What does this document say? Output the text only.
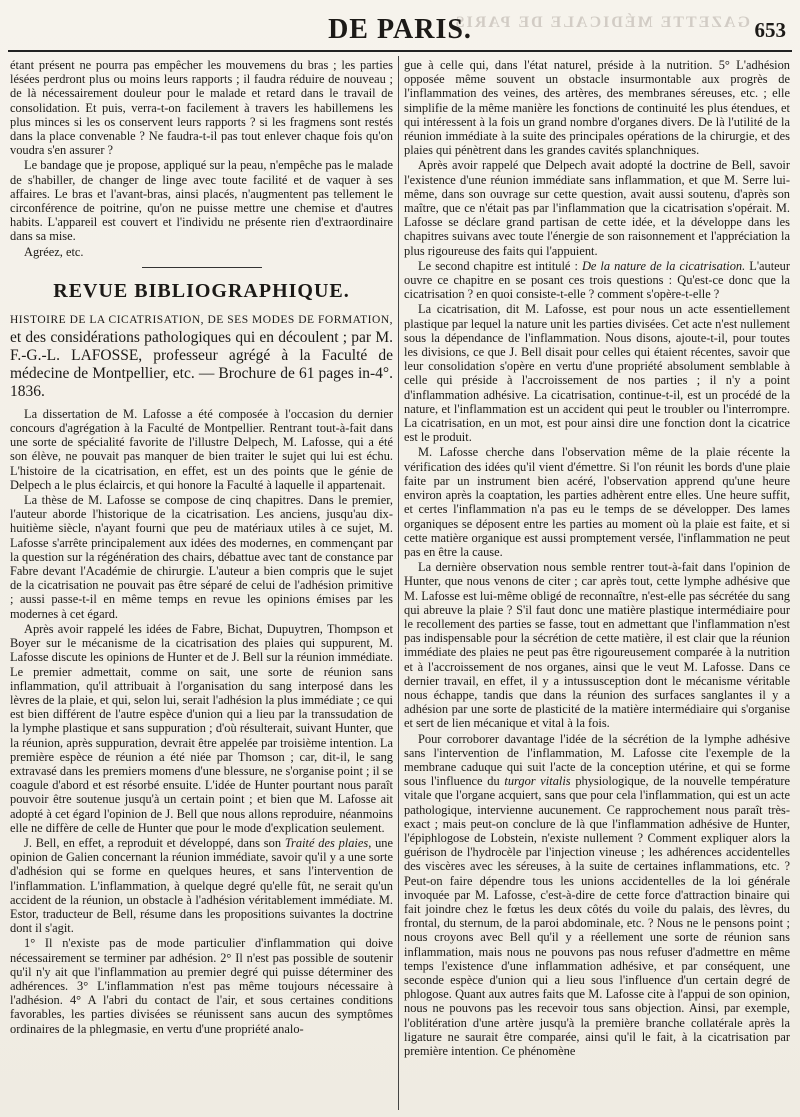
GAZETTE MÉDICALE DE PARIS.
DE PARIS.	653

étant présent ne pourra pas empêcher les mouvemens du bras ; les parties lésées perdront plus ou moins leurs rapports ; il faudra réduire de nouveau ; de là nécessairement douleur pour le malade et retard dans le travail de consolidation. Et puis, verra-t-on facilement à travers les habillemens les plus minces si les os conservent leurs rapports ? si les fragmens sont restés dans la place convenable ? Ne faudra-t-il pas tout enlever chaque fois qu'on voudra s'en assurer ?

Le bandage que je propose, appliqué sur la peau, n'empêche pas le malade de s'habiller, de changer de linge avec toute facilité et de vaquer à ses affaires. Le bras et l'avant-bras, ainsi placés, n'augmentent pas tellement le circonférence de poitrine, qu'on ne puisse mettre une chemise et d'autres habits. L'appareil est couvert et l'individu ne présente rien d'extraordinaire dans sa mise.

Agréez, etc.

REVUE BIBLIOGRAPHIQUE.
HISTOIRE DE LA CICATRISATION, DE SES MODES DE FORMATION, et des considérations pathologiques qui en découlent ; par M. F.-G.-L. LAFOSSE, professeur agrégé à la Faculté de médecine de Montpellier, etc. — Brochure de 61 pages in-4°. 1836.

La dissertation de M. Lafosse a été composée à l'occasion du dernier concours d'agrégation à la Faculté de Montpellier. Rentrant tout-à-fait dans une sorte de spécialité favorite de l'illustre Delpech, M. Lafosse, qui a été son élève, ne pouvait pas manquer de bien traiter le sujet qui lui est échu. L'histoire de la cicatrisation, en effet, est un des points que le génie de Delpech a le plus éclaircis, et qui honore la Faculté à laquelle il appartenait.

La thèse de M. Lafosse se compose de cinq chapitres. Dans le premier, l'auteur aborde l'historique de la cicatrisation. Les anciens, jusqu'au dix-huitième siècle, n'ayant fourni que peu de matériaux utiles à ce sujet, M. Lafosse s'arrête principalement aux idées des modernes, en commençant par la question sur la régénération des chairs, débattue avec tant de constance par Fabre devant l'Académie de chirurgie. L'auteur a bien compris que le sujet de la cicatrisation ne pouvait pas être séparé de celui de l'adhésion primitive ; aussi passe-t-il en même temps en revue les opinions émises par les modernes à cet égard.

Après avoir rappelé les idées de Fabre, Bichat, Dupuytren, Thompson et Boyer sur le mécanisme de la cicatrisation des plaies qui suppurent, M. Lafosse discute les opinions de Hunter et de J. Bell sur la réunion immédiate. Le premier admettait, comme on sait, une sorte de réunion sans inflammation, qu'il attribuait à l'organisation du sang interposé dans les lèvres de la plaie, et qui, selon lui, serait l'adhésion la plus immédiate ; ce qui est bien différent de l'autre espèce d'union qui a lieu par la transsudation de la lymphe plastique et sans suppuration ; d'où résulterait, suivant Hunter, que la réunion, après suppuration, devrait être appelée par troisième intention. La première espèce de réunion a été niée par Thomson ; car, dit-il, le sang extravasé dans les premiers momens d'une blessure, ne s'organise point ; il se coagule d'abord et est résorbé ensuite. L'idée de Hunter pourtant nous paraît pouvoir être soutenue jusqu'à un certain point ; et bien que M. Lafosse ait adopté à cet égard l'opinion de J. Bell que nous allons reproduire, néanmoins elle ne diffère de celle de Hunter que pour le mode d'explication seulement.

J. Bell, en effet, a reproduit et développé, dans son Traité des plaies, une opinion de Galien concernant la réunion immédiate, savoir qu'il y a une sorte d'adhésion qui se forme en quelques heures, et sans l'intervention de l'inflammation. L'inflammation, à quelque degré qu'elle fût, ne serait qu'un accident de la réunion, un obstacle à l'adhésion véritablement immédiate. M. Estor, traducteur de Bell, résume dans les propositions suivantes la doctrine dont il s'agit.

1° Il n'existe pas de mode particulier d'inflammation qui doive nécessairement se terminer par adhésion. 2° Il n'est pas possible de soutenir qu'il n'y ait que l'inflammation au premier degré qui puisse déterminer des adhérences. 3° L'inflammation n'est pas même toujours nécessaire à l'adhésion. 4° A l'abri du contact de l'air, et sous certaines conditions favorables, les parties divisées se réunissent sans aucun des symptômes ordinaires de la phlegmasie, en vertu d'une propriété analo-

gue à celle qui, dans l'état naturel, préside à la nutrition. 5° L'adhésion opposée même souvent un obstacle insurmontable aux progrès de l'inflammation des veines, des artères, des membranes séreuses, etc. ; elle simplifie de la même manière les fonctions de continuité les plus étendues, et qui intéressent à la fois un grand nombre d'organes divers. De là l'utilité de la réunion immédiate à la suite des principales opérations de la chirurgie, et des plaies qui pénètrent dans les grandes cavités splanchniques.

Après avoir rappelé que Delpech avait adopté la doctrine de Bell, savoir l'existence d'une réunion immédiate sans inflammation, et que M. Serre lui-même, dans son ouvrage sur cette question, avait aussi soutenu, d'après son maître, que ce n'était pas par l'inflammation que la cicatrisation s'opérait. M. Lafosse se déclare grand partisan de cette idée, et la développe dans les chapitres suivans avec toute l'énergie de son raisonnement et l'appréciation la plus rigoureuse des faits qui l'appuient.

Le second chapitre est intitulé : De la nature de la cicatrisation. L'auteur ouvre ce chapitre en se posant ces trois questions : Qu'est-ce donc que la cicatrisation ? en quoi consiste-t-elle ? comment s'opère-t-elle ?

La cicatrisation, dit M. Lafosse, est pour nous un acte essentiellement plastique par lequel la nature unit les parties divisées. Cet acte n'est nullement sous la dépendance de l'inflammation. Nous disons, ajoute-t-il, pour toutes les divisions, ce que J. Bell disait pour celles qui étaient récentes, savoir que leur consolidation s'opère en vertu d'une propriété absolument semblable à celle qui préside à l'accroissement de nos parties ; il n'y a point d'inflammation adhésive. La cicatrisation, continue-t-il, est un procédé de la nature, et l'inflammation est un accident qui peut le troubler ou l'interrompre. La cicatrisation, en un mot, est pour ainsi dire une fonction dont la cicatrice est le produit.

M. Lafosse cherche dans l'observation même de la plaie récente la vérification des idées qu'il vient d'émettre. Si l'on réunit les bords d'une plaie faite par un instrument bien acéré, l'observation apprend qu'une heure environ après la coaptation, les parties adhèrent entre elles. Une heure suffit, et certes l'inflammation n'a pas eu le temps de se développer. Des lames organiques se déposent entre les parties au moment où la plaie est faite, et si cette matière organique est aussi promptement versée, l'inflammation ne peut pas en être la cause.

La dernière observation nous semble rentrer tout-à-fait dans l'opinion de Hunter, que nous venons de citer ; car après tout, cette lymphe adhésive que M. Lafosse est lui-même obligé de reconnaître, n'est-elle pas sécrétée du sang qui abreuve la plaie ? S'il faut donc une matière plastique intermédiaire pour le recollement des parties se fasse, tout en admettant que l'inflammation n'est pas indispensable pour la sécrétion de cette matière, il est clair que la réunion immédiate des plaies ne peut pas être rigoureusement comparée à la nutrition et à l'accroissement de nos organes, ainsi que le veut M. Lafosse. Dans ce dernier travail, en effet, il y a intussusception dont le mécanisme véritable nous échappe, tandis que dans la réunion des surfaces sanglantes il y a adhésion par une sorte de plasticité de la matière intermédiaire qui s'organise et sert de lien mécanique et vital à la fois.

Pour corroborer davantage l'idée de la sécrétion de la lymphe adhésive sans l'intervention de l'inflammation, M. Lafosse cite l'exemple de la membrane caduque qui suit l'acte de la conception utérine, et qui se forme sous l'influence du turgor vitalis physiologique, de la nouvelle température vitale que l'organe acquiert, sans que pour cela l'inflammation, qui est un acte pathologique, intervienne aucunement. Ce rapprochement nous paraît très-exact ; mais peut-on conclure de là que l'inflammation adhésive de Hunter, l'épiphlogose de Lobstein, n'existe nullement ? Comment expliquer alors la guérison de l'hydrocèle par l'injection vineuse ; les adhérences accidentelles des viscères avec les séreuses, à la suite de certaines inflammations, etc. ? Peut-on faire dépendre tous les unions accidentelles de la loi générale invoquée par M. Lafosse, c'est-à-dire de cette force d'attraction binaire qui fait joindre chez le fœtus les deux côtés du voile du palais, des lèvres, du frontal, du sternum, de la paroi abdominale, etc. ? Nous ne le pensons point ; nous croyons avec Bell qu'il y a réellement une sorte de réunion sans inflammation, mais nous ne pouvons pas nous refuser d'admettre en même temps l'existence d'une inflammation adhésive, et par conséquent, une seconde espèce d'union qui a lieu sous l'influence d'un certain degré de phlogose. Quant aux autres faits que M. Lafosse cite à l'appui de son opinion, nous ne pouvons pas les recevoir tous sans objection. Ainsi, par exemple, l'oblitération d'une artère jusqu'à la première branche collatérale après la ligature ne saurait être comparée, ainsi qu'il le fait, à la cicatrisation par première intention. Ce phénomène
